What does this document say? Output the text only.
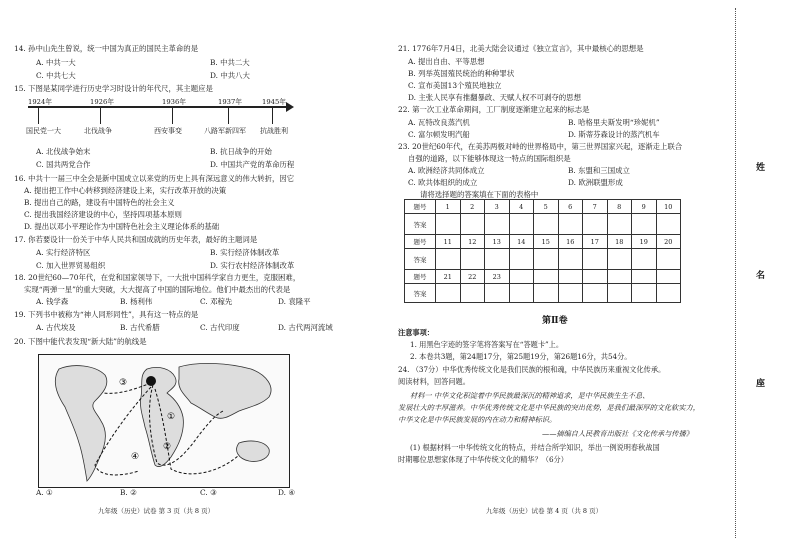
14. 孙中山先生曾说，统一中国为真正的国民主革命的是
A. 中共一大	B. 中共二大
C. 中共七大	D. 中共八大
15. 下图是某同学进行历史学习时设计的年代尺，其主题应是
1924年	1926年	1936年	1937年	1945年
国民党一大	北伐战争	西安事变	八路军新四军 抗战胜利
A. 北伐战争始末	B. 抗日战争的开始
C. 国共两党合作	D. 中国共产党的革命历程
16. 中共十一届三中全会是新中国成立以来党的历史上具有深远意义的伟大转折，因它
A. 提出把工作中心转移到经济建设上来，实行改革开放的决策
B. 提出自己的路，建设有中国特色的社会主义
C. 提出我国经济建设的中心，坚持四项基本原则
D. 提出以邓小平理论作为中国特色社会主义理论体系的基础
17. 你若要设计一份关于中华人民共和国成就的历史年表，最好的主题词是
A. 实行经济特区	B. 实行经济体制改革
C. 加入世界贸易组织	D. 实行农村经济体制改革
18. 20世纪60—70年代，在党和国家领导下，一大批中国科学家自力更生，克服困难，
实现“两弹一星”的重大突破，大大提高了中国的国际地位。他们中最杰出的代表是
A. 钱学森	B. 杨利伟	C. 邓稼先	D. 袁隆平
19. 下列书中被称为“神人同形同性”，具有这一特点的是
A. 古代埃及	B. 古代希腊	C. 古代印度	D. 古代两河流域
20. 下图中能代表发现“新大陆”的航线是
③
①
②
④
A. ①	B. ②	C. ③	D. ④
九年级（历史）试卷 第 3 页（共 8 页）
21. 1776年7月4日，北美大陆会议通过《独立宣言》，其中最核心的思想是
A. 提出自由、平等思想
B. 列举英国殖民统治的种种罪状
C. 宣布美国13个殖民地独立
D. 主张人民享有推翻暴政、天赋人权不可剥夺的思想
22. 第一次工业革命期间，工厂制度逐渐建立起来的标志是
A. 瓦特改良蒸汽机	B. 哈格里夫斯发明“珍妮机”
C. 富尔顿发明汽船	D. 斯蒂芬森设计的蒸汽机车
23. 20世纪60年代，在美苏两极对峙的世界格局中，第三世界国家兴起，逐渐走上联合
自强的道路，以下能够体现这一特点的国际组织是
A. 欧洲经济共同体成立	B. 东盟和三国成立
C. 欧共体组织的成立	D. 欧洲联盟形成
请将选择题的答案填在下面的表格中
题号	1	2	3	4	5	6	7	8	9	10
答案										
题号	11	12	13	14	15	16	17	18	19	20
答案										
题号	21	22	23							
答案										
第Ⅱ卷
注意事项：
1. 用黑色字迹的签字笔将答案写在“答题卡”上。
2. 本卷共3题，第24题17分，第25题19分，第26题16分，共54分。
24. （37分）中华优秀传统文化是我们民族的根和魂，中华民族历来重视文化传承。
阅读材料，回答问题。
材料一 中华文化积淀着中华民族最深沉的精神追求，是中华民族生生不息、
发展壮大的丰厚滋养。中华优秀传统文化是中华民族的突出优势，是我们最深厚的文化软实力，
中华文化是中华民族发展的内在动力和精神标识。
——摘编自人民教育出版社《文化传承与传播》
(1) 根据材料一中华传统文化的特点，并结合所学知识，举出一例说明春秋战国
时期哪位思想家体现了中华传统文化的精华？（6分）
九年级（历史）试卷 第 4 页（共 8 页）
姓
名
座
